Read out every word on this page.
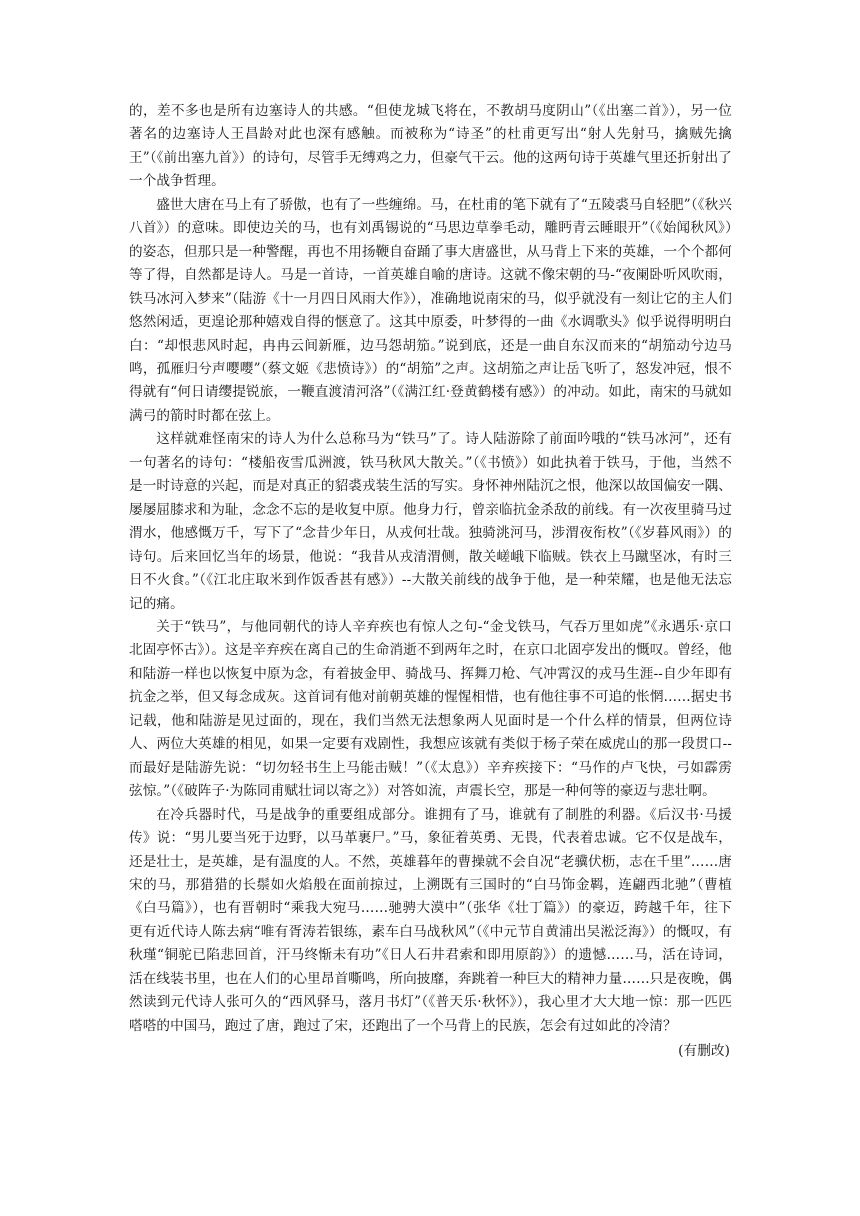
的，差不多也是所有边塞诗人的共感。“但使龙城飞将在，不教胡马度阴山”（《出塞二首》），另一位著名的边塞诗人王昌龄对此也深有感触。而被称为“诗圣”的杜甫更写出“射人先射马，擒贼先擒王”（《前出塞九首》）的诗句，尽管手无缚鸡之力，但豪气干云。他的这两句诗于英雄气里还折射出了一个战争哲理。

盛世大唐在马上有了骄傲，也有了一些缠绵。马，在杜甫的笔下就有了“五陵裘马自轻肥”（《秋兴八首》）的意味。即使边关的马，也有刘禹锡说的“马思边草拳毛动，雕眄青云睡眼开”（《始闻秋风》）的姿态，但那只是一种警醒，再也不用扬鞭自奋踊了事大唐盛世，从马背上下来的英雄，一个个都何等了得，自然都是诗人。马是一首诗，一首英雄自喻的唐诗。这就不像宋朝的马-“夜阑卧听风吹雨，铁马冰河入梦来”（陆游《十一月四日风雨大作》），准确地说南宋的马，似乎就没有一刻让它的主人们悠然闲适，更遑论那种嬉戏自得的惬意了。这其中原委，叶梦得的一曲《水调歌头》似乎说得明明白白：“却恨悲风时起，冉冉云间新雁，边马怨胡笳。”说到底，还是一曲自东汉而来的“胡笳动兮边马鸣，孤雁归兮声嘤嘤”（蔡文姬《悲愤诗》）的“胡笳”之声。这胡笳之声让岳飞听了，怒发冲冠，恨不得就有“何日请缨提锐旅，一鞭直渡清河洛”（《满江红·登黄鹤楼有感》）的冲动。如此，南宋的马就如满弓的箭时时都在弦上。

这样就难怪南宋的诗人为什么总称马为“铁马”了。诗人陆游除了前面吟哦的“铁马冰河”，还有一句著名的诗句：“楼船夜雪瓜洲渡，铁马秋风大散关。”（《书愤》）如此执着于铁马，于他，当然不是一时诗意的兴起，而是对真正的貂裘戎装生活的写实。身怀神州陆沉之恨，他深以故国偏安一隅、屡屡屈膝求和为耻，念念不忘的是收复中原。他身力行，曾亲临抗金杀敌的前线。有一次夜里骑马过渭水，他感慨万千，写下了“念昔少年日，从戎何壮哉。独骑洮河马，涉渭夜衔枚”（《岁暮风雨》）的诗句。后来回忆当年的场景，他说：“我昔从戎清渭侧，散关嵯峨下临贼。铁衣上马蹴坚冰，有时三日不火食。”（《江北庄取米到作饭香甚有感》）--大散关前线的战争于他，是一种荣耀，也是他无法忘记的痛。

关于“铁马”，与他同朝代的诗人辛弃疾也有惊人之句-“金戈铁马，气吞万里如虎”《永遇乐·京口北固亭怀古》）。这是辛弃疾在离自己的生命消逝不到两年之时，在京口北固亭发出的慨叹。曾经，他和陆游一样也以恢复中原为念，有着披金甲、骑战马、挥舞刀枪、气冲霄汉的戎马生涯--自少年即有抗金之举，但又每念成灰。这首词有他对前朝英雄的惺惺相惜，也有他往事不可追的怅惘……据史书记载，他和陆游是见过面的，现在，我们当然无法想象两人见面时是一个什么样的情景，但两位诗人、两位大英雄的相见，如果一定要有戏剧性，我想应该就有类似于杨子荣在威虎山的那一段贯口--而最好是陆游先说：“切勿轻书生上马能击贼！”（《太息》）辛弃疾接下：“马作的卢飞快，弓如霹雳弦惊。”（《破阵子·为陈同甫赋壮词以寄之》）对答如流，声震长空，那是一种何等的豪迈与悲壮啊。

在冷兵器时代，马是战争的重要组成部分。谁拥有了马，谁就有了制胜的利器。《后汉书·马援传》说：“男儿要当死于边野，以马革裹尸。”马，象征着英勇、无畏，代表着忠诚。它不仅是战车，还是壮士，是英雄，是有温度的人。不然，英雄暮年的曹操就不会自况“老骥伏枥，志在千里”……唐宋的马，那猎猎的长鬃如火焰般在面前掠过，上溯既有三国时的“白马饰金羁，连翩西北驰”（曹植《白马篇》），也有晋朝时“乘我大宛马……驰骋大漠中”（张华《壮丁篇》）的豪迈，跨越千年，往下更有近代诗人陈去病“唯有胥涛若银练，素车白马战秋风”（《中元节自黄浦出吴淞泛海》）的慨叹，有秋瑾“铜驼已陷悲回首，汗马终惭未有功”《日人石井君索和即用原韵》）的遗憾……马，活在诗词，活在线装书里，也在人们的心里昂首嘶鸣，所向披靡，奔跳着一种巨大的精神力量……只是夜晚，偶然读到元代诗人张可久的“西风驿马，落月书灯”（《普天乐·秋怀》），我心里才大大地一惊：那一匹匹嗒嗒的中国马，跑过了唐，跑过了宋，还跑出了一个马背上的民族，怎会有过如此的冷清？

(有删改)
